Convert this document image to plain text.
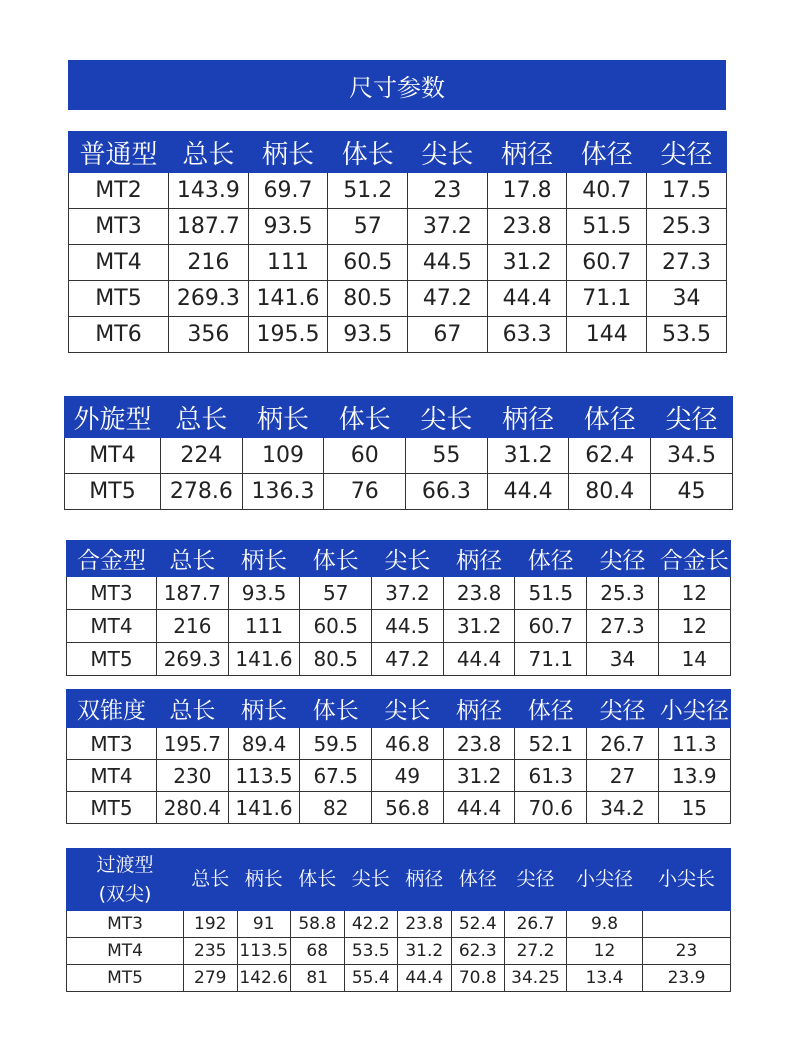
尺寸参数
普通型	总长	柄长	体长	尖长	柄径	体径	尖径

MT2	143.9	69.7	51.2	23	17.8	40.7	17.5
MT3	187.7	93.5	57	37.2	23.8	51.5	25.3
MT4	216	111	60.5	44.5	31.2	60.7	27.3
MT5	269.3	141.6	80.5	47.2	44.4	71.1	34
MT6	356	195.5	93.5	67	63.3	144	53.5
外旋型	总长	柄长	体长	尖长	柄径	体径	尖径

MT4	224	109	60	55	31.2	62.4	34.5
MT5	278.6	136.3	76	66.3	44.4	80.4	45
合金型	总长	柄长	体长	尖长	柄径	体径	尖径	合金长

MT3	187.7	93.5	57	37.2	23.8	51.5	25.3	12
MT4	216	111	60.5	44.5	31.2	60.7	27.3	12
MT5	269.3	141.6	80.5	47.2	44.4	71.1	34	14
双锥度	总长	柄长	体长	尖长	柄径	体径	尖径	小尖径

MT3	195.7	89.4	59.5	46.8	23.8	52.1	26.7	11.3
MT4	230	113.5	67.5	49	31.2	61.3	27	13.9
MT5	280.4	141.6	82	56.8	44.4	70.6	34.2	15
过渡型
(双尖)	总长	柄长	体长	尖长	柄径	体径	尖径	小尖径	小尖长

MT3	192	91	58.8	42.2	23.8	52.4	26.7	9.8	
MT4	235	113.5	68	53.5	31.2	62.3	27.2	12	23
MT5	279	142.6	81	55.4	44.4	70.8	34.25	13.4	23.9
